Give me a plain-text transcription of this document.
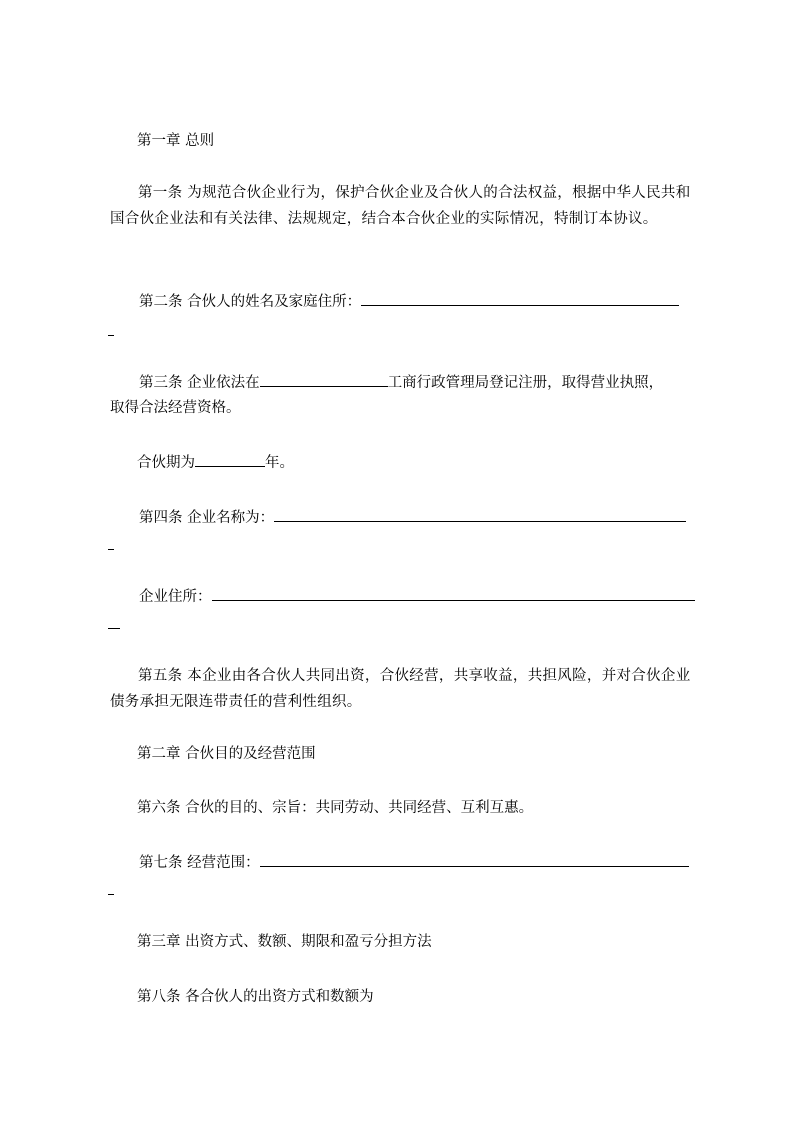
第一章 总则
第一条 为规范合伙企业行为，保护合伙企业及合伙人的合法权益，根据中华人民共和国合伙企业法和有关法律、法规规定，结合本合伙企业的实际情况，特制订本协议。
第二条 合伙人的姓名及家庭住所：
第三条 企业依法在	工商行政管理局登记注册，取得营业执照，
取得合法经营资格。
合伙期为	年。
第四条 企业名称为：
企业住所：
第五条 本企业由各合伙人共同出资，合伙经营，共享收益，共担风险，并对合伙企业债务承担无限连带责任的营利性组织。
第二章 合伙目的及经营范围
第六条 合伙的目的、宗旨：共同劳动、共同经营、互利互惠。
第七条 经营范围：
第三章 出资方式、数额、期限和盈亏分担方法
第八条 各合伙人的出资方式和数额为
